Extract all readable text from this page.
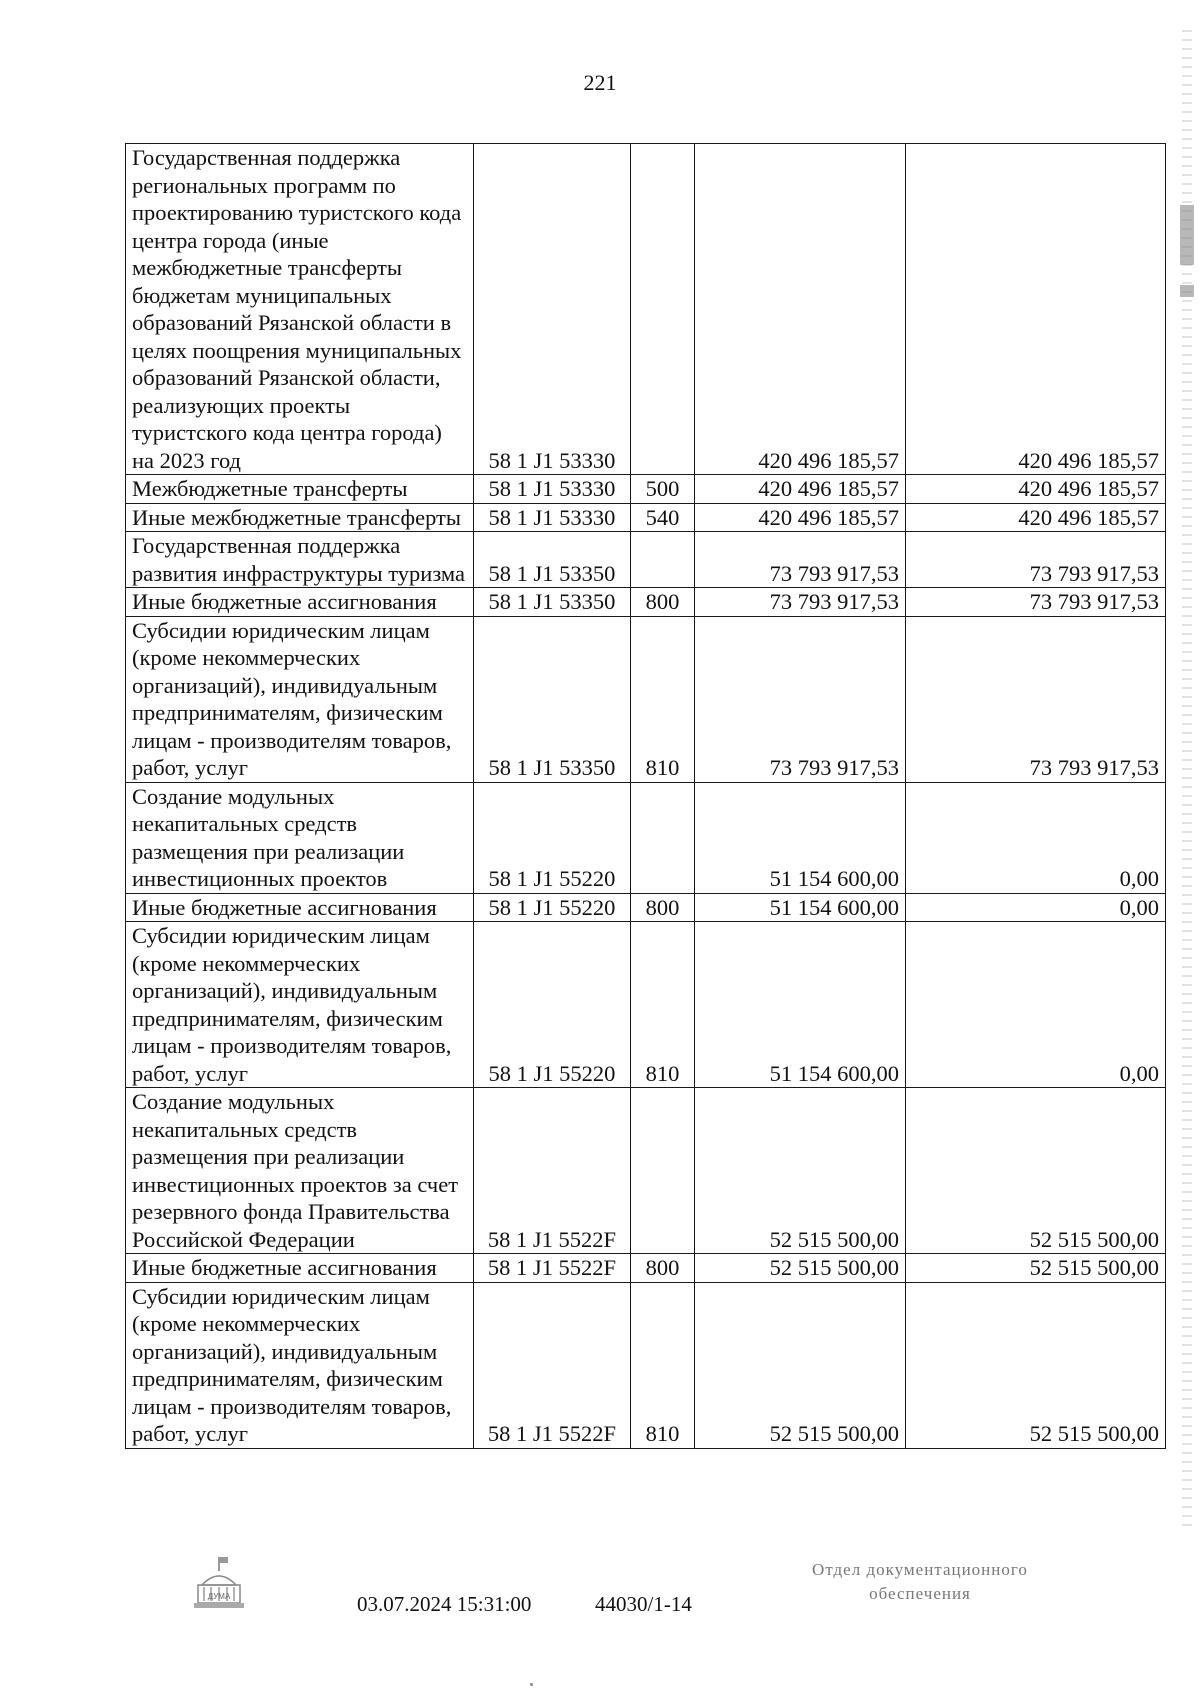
221
Государственная поддержка региональных программ по проектированию туристского кода центра города (иные межбюджетные трансферты бюджетам муниципальных образований Рязанской области в целях поощрения муниципальных образований Рязанской области, реализующих проекты туристского кода центра города) на 2023 год	58 1 J1 53330		420 496 185,57	420 496 185,57
Межбюджетные трансферты	58 1 J1 53330	500	420 496 185,57	420 496 185,57
Иные межбюджетные трансферты	58 1 J1 53330	540	420 496 185,57	420 496 185,57
Государственная поддержка развития инфраструктуры туризма	58 1 J1 53350		73 793 917,53	73 793 917,53
Иные бюджетные ассигнования	58 1 J1 53350	800	73 793 917,53	73 793 917,53
Субсидии юридическим лицам (кроме некоммерческих организаций), индивидуальным предпринимателям, физическим лицам - производителям товаров, работ, услуг	58 1 J1 53350	810	73 793 917,53	73 793 917,53
Создание модульных некапитальных средств размещения при реализации инвестиционных проектов	58 1 J1 55220		51 154 600,00	0,00
Иные бюджетные ассигнования	58 1 J1 55220	800	51 154 600,00	0,00
Субсидии юридическим лицам (кроме некоммерческих организаций), индивидуальным предпринимателям, физическим лицам - производителям товаров, работ, услуг	58 1 J1 55220	810	51 154 600,00	0,00
Создание модульных некапитальных средств размещения при реализации инвестиционных проектов за счет резервного фонда Правительства Российской Федерации	58 1 J1 5522F		52 515 500,00	52 515 500,00
Иные бюджетные ассигнования	58 1 J1 5522F	800	52 515 500,00	52 515 500,00
Субсидии юридическим лицам (кроме некоммерческих организаций), индивидуальным предпринимателям, физическим лицам - производителям товаров, работ, услуг	58 1 J1 5522F	810	52 515 500,00	52 515 500,00
ДУМА	03.07.2024 15:31:00	44030/1-14
Отдел документационного
обеспечения
